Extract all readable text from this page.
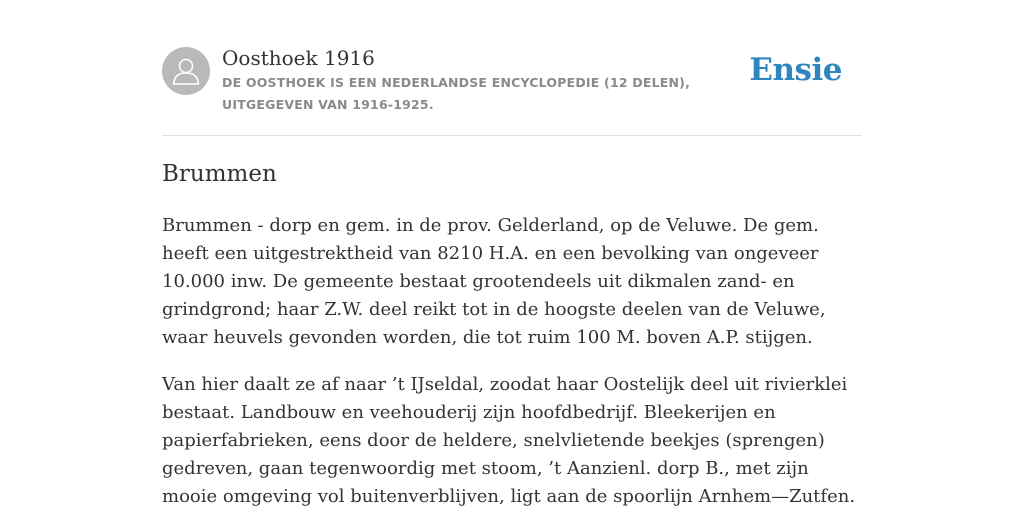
Oosthoek 1916
DE OOSTHOEK IS EEN NEDERLANDSE ENCYCLOPEDIE (12 DELEN), UITGEGEVEN VAN 1916-1925.
Ensie
Brummen

Brummen - dorp en gem. in de prov. Gelderland, op de Veluwe. De gem. heeft een uitgestrektheid van 8210 H.A. en een bevolking van ongeveer 10.000 inw. De gemeente bestaat grootendeels uit dikmalen zand- en grindgrond; haar Z.W. deel reikt tot in de hoogste deelen van de Veluwe, waar heuvels gevonden worden, die tot ruim 100 M. boven A.P. stijgen.

Van hier daalt ze af naar ’t IJseldal, zoodat haar Oostelijk deel uit rivierklei bestaat. Landbouw en veehouderij zijn hoofdbedrijf. Bleekerijen en papierfabrieken, eens door de heldere, snelvlietende beekjes (sprengen) gedreven, gaan tegenwoordig met stoom, ’t Aanzienl. dorp B., met zijn mooie omgeving vol buitenverblijven, ligt aan de spoorlijn Arnhem—Zutfen.
